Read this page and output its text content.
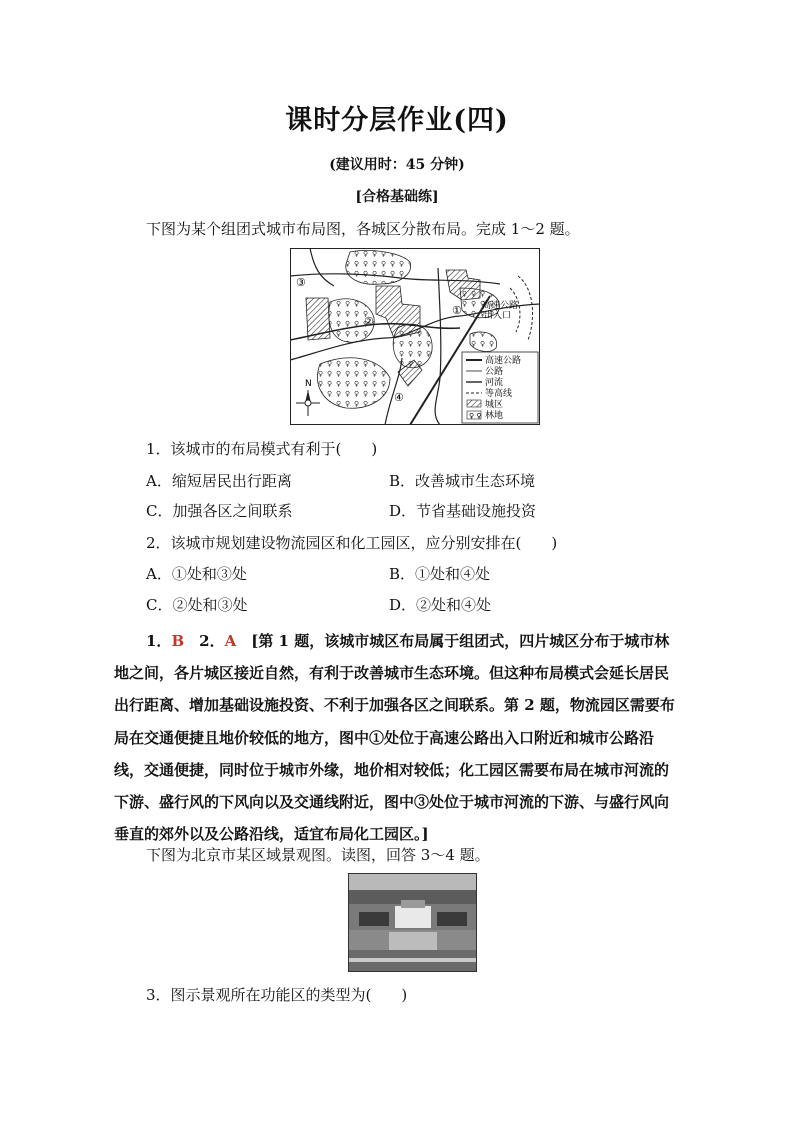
课时分层作业(四)
(建议用时：45 分钟)
[合格基础练]
下图为某个组团式城市布局图，各城区分散布局。完成 1～2 题。
①
②
③
④
高速公路
出入口
N
高速公路
公路
河流
等高线
城区
♀ ♀ 林地
1．该城市的布局模式有利于(　　)
A．缩短居民出行距离	B．改善城市生态环境
C．加强各区之间联系	D．节省基础设施投资
2．该城市规划建设物流园区和化工园区，应分别安排在(　　)
A．①处和③处	B．①处和④处
C．②处和③处	D．②处和④处
1．B　 2．A　 [第 1 题，该城市城区布局属于组团式，四片城区分布于城市林地之间，各片城区接近自然，有利于改善城市生态环境。但这种布局模式会延长居民出行距离、增加基础设施投资、不利于加强各区之间联系。第 2 题，物流园区需要布局在交通便捷且地价较低的地方，图中①处位于高速公路出入口附近和城市公路沿线，交通便捷，同时位于城市外缘，地价相对较低；化工园区需要布局在城市河流的下游、盛行风的下风向以及交通线附近，图中③处位于城市河流的下游、与盛行风向垂直的郊外以及公路沿线，适宜布局化工园区。]
下图为北京市某区域景观图。读图，回答 3～4 题。
3．图示景观所在功能区的类型为(　　)
